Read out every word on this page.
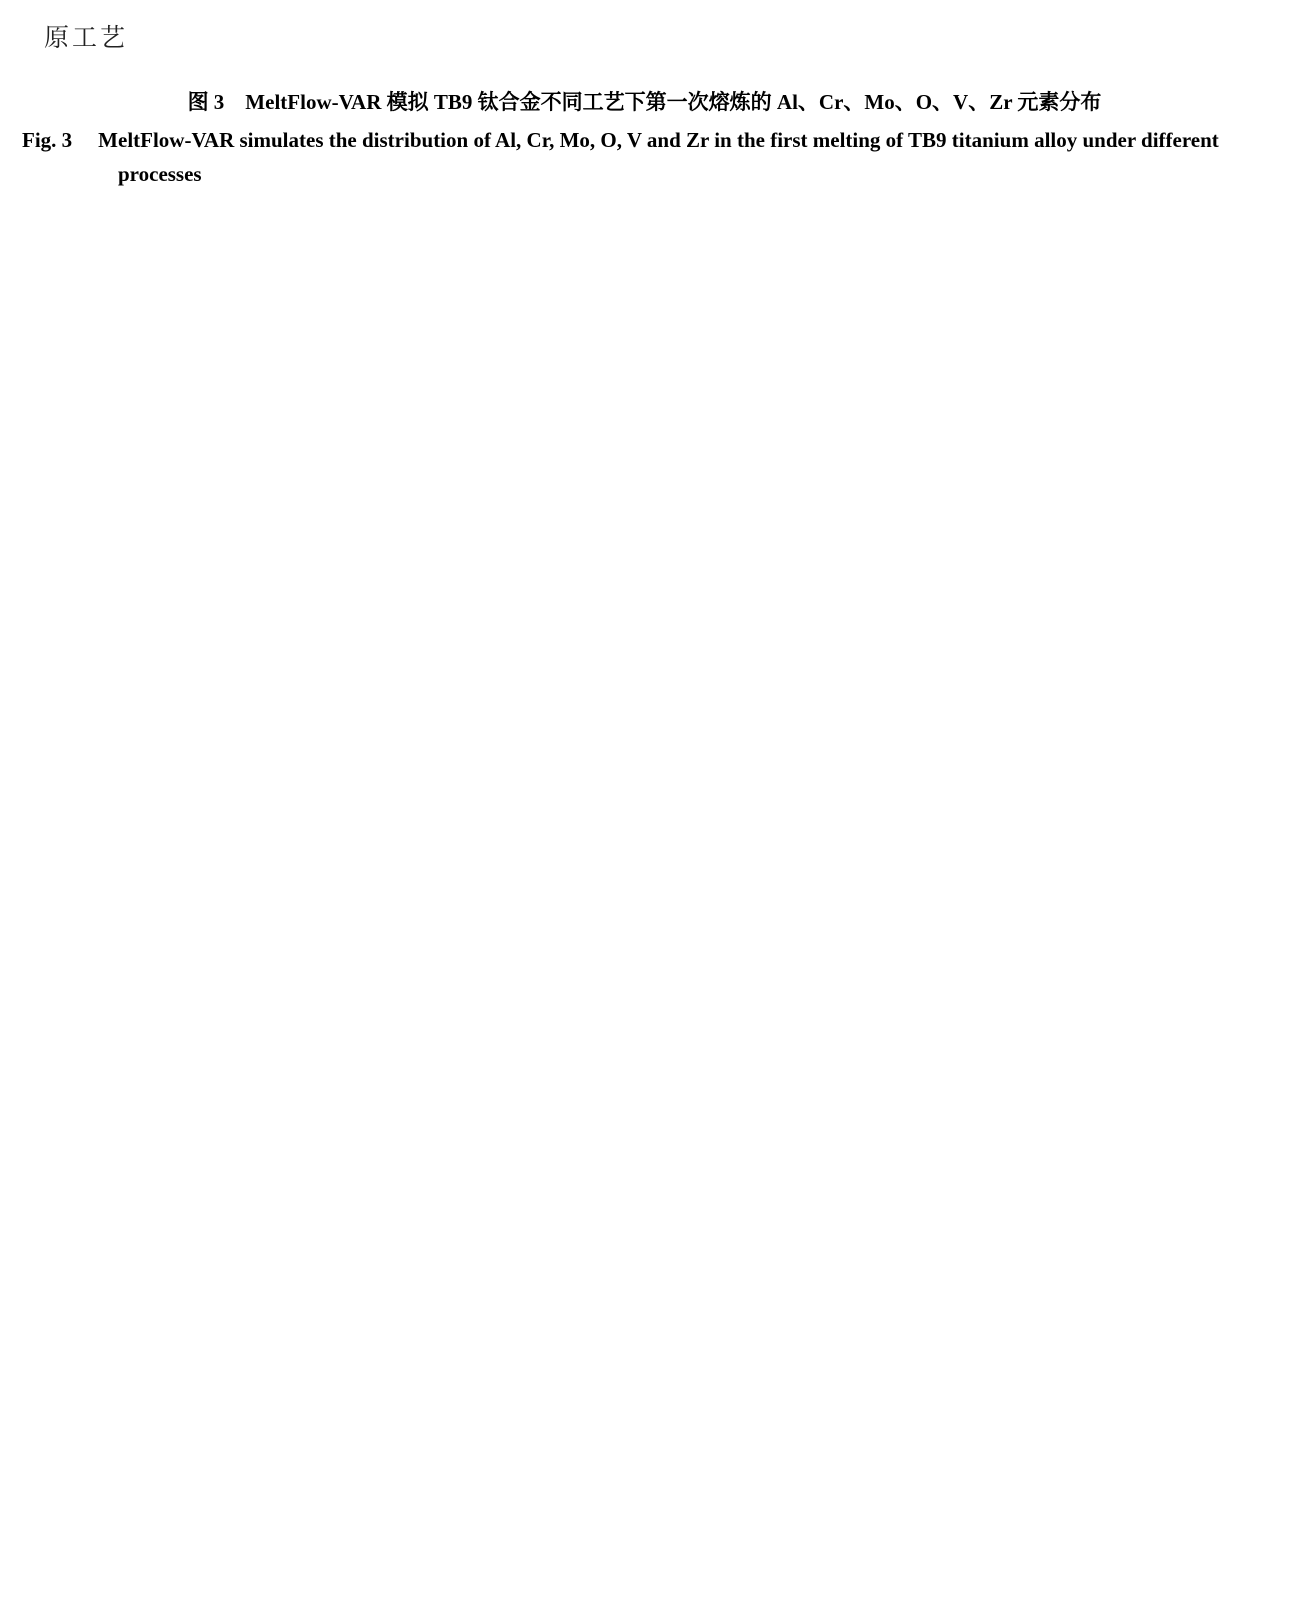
原工艺
图 3　MeltFlow-VAR 模拟 TB9 钛合金不同工艺下第一次熔炼的 Al、Cr、Mo、O、V、Zr 元素分布
Fig. 3 MeltFlow-VAR simulates the distribution of Al, Cr, Mo, O, V and Zr in the first melting of TB9 titanium alloy under different processes
